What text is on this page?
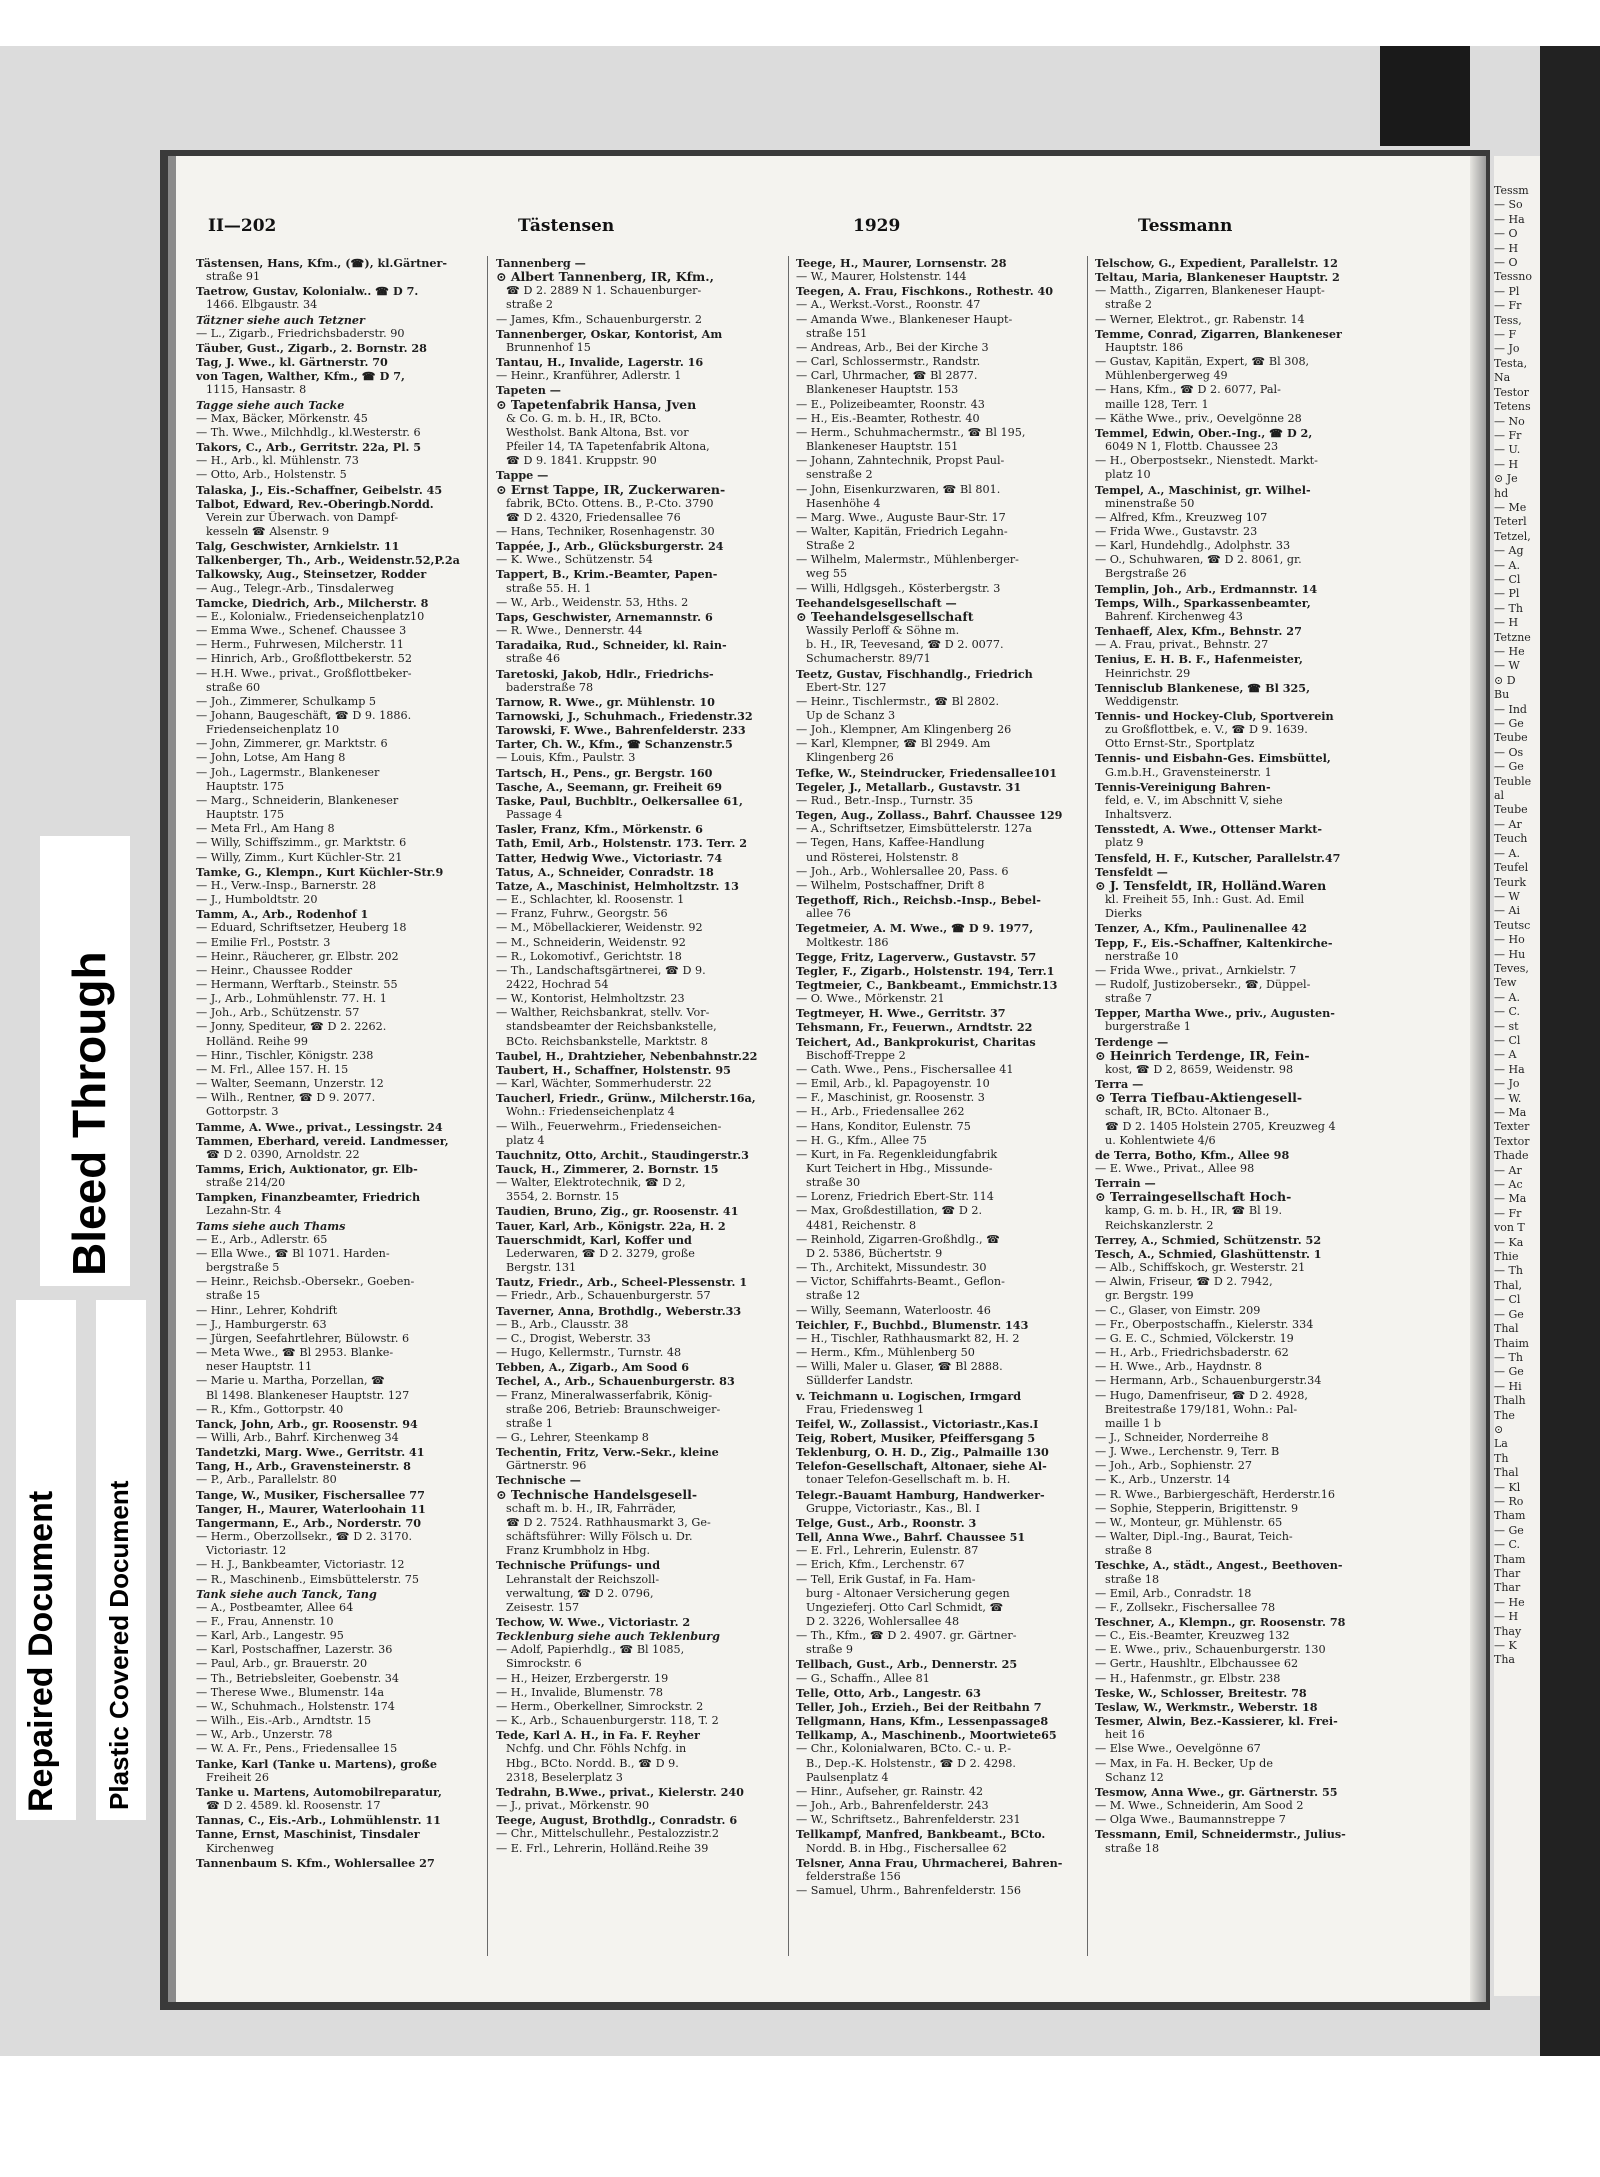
II—202	Tästensen	1929	Tessmann
Tästensen, Hans, Kfm., (☎), kl.Gärtner-
straße 91
Taetrow, Gustav, Kolonialw.. ☎ D 7.
1466. Elbgaustr. 34
Tätzner siehe auch Tetzner
— L., Zigarb., Friedrichsbaderstr. 90
Täuber, Gust., Zigarb., 2. Bornstr. 28
Tag, J. Wwe., kl. Gärtnerstr. 70
von Tagen, Walther, Kfm., ☎ D 7,
1115, Hansastr. 8
Tagge siehe auch Tacke
— Max, Bäcker, Mörkenstr. 45
— Th. Wwe., Milchhdlg., kl.Westerstr. 6
Takors, C., Arb., Gerritstr. 22a, Pl. 5
— H., Arb., kl. Mühlenstr. 73
— Otto, Arb., Holstenstr. 5
Talaska, J., Eis.-Schaffner, Geibelstr. 45
Talbot, Edward, Rev.-Oberingb.Nordd.
Verein zur Überwach. von Dampf-
kesseln ☎ Alsenstr. 9
Talg, Geschwister, Arnkielstr. 11
Talkenberger, Th., Arb., Weidenstr.52,P.2a
Talkowsky, Aug., Steinsetzer, Rodder
— Aug., Telegr.-Arb., Tinsdalerweg
Tamcke, Diedrich, Arb., Milcherstr. 8
— E., Kolonialw., Friedenseichenplatz10
— Emma Wwe., Schenef. Chaussee 3
— Herm., Fuhrwesen, Milcherstr. 11
— Hinrich, Arb., Großflottbekerstr. 52
— H.H. Wwe., privat., Großflottbeker-
straße 60
— Joh., Zimmerer, Schulkamp 5
— Johann, Baugeschäft, ☎ D 9. 1886.
Friedenseichenplatz 10
— John, Zimmerer, gr. Marktstr. 6
— John, Lotse, Am Hang 8
— Joh., Lagermstr., Blankeneser
Hauptstr. 175
— Marg., Schneiderin, Blankeneser
Hauptstr. 175
— Meta Frl., Am Hang 8
— Willy, Schiffszimm., gr. Marktstr. 6
— Willy, Zimm., Kurt Küchler-Str. 21
Tamke, G., Klempn., Kurt Küchler-Str.9
— H., Verw.-Insp., Barnerstr. 28
— J., Humboldtstr. 20
Tamm, A., Arb., Rodenhof 1
— Eduard, Schriftsetzer, Heuberg 18
— Emilie Frl., Poststr. 3
— Heinr., Räucherer, gr. Elbstr. 202
— Heinr., Chaussee Rodder
— Hermann, Werftarb., Steinstr. 55
— J., Arb., Lohmühlenstr. 77. H. 1
— Joh., Arb., Schützenstr. 57
— Jonny, Spediteur, ☎ D 2. 2262.
Holländ. Reihe 99
— Hinr., Tischler, Königstr. 238
— M. Frl., Allee 157. H. 15
— Walter, Seemann, Unzerstr. 12
— Wilh., Rentner, ☎ D 9. 2077.
Gottorpstr. 3
Tamme, A. Wwe., privat., Lessingstr. 24
Tammen, Eberhard, vereid. Landmesser,
☎ D 2. 0390, Arnoldstr. 22
Tamms, Erich, Auktionator, gr. Elb-
straße 214/20
Tampken, Finanzbeamter, Friedrich
Lezahn-Str. 4
Tams siehe auch Thams
— E., Arb., Adlerstr. 65
— Ella Wwe., ☎ Bl 1071. Harden-
bergstraße 5
— Heinr., Reichsb.-Obersekr., Goeben-
straße 15
— Hinr., Lehrer, Kohdrift
— J., Hamburgerstr. 63
— Jürgen, Seefahrtlehrer, Bülowstr. 6
— Meta Wwe., ☎ Bl 2953. Blanke-
neser Hauptstr. 11
— Marie u. Martha, Porzellan, ☎
Bl 1498. Blankeneser Hauptstr. 127
— R., Kfm., Gottorpstr. 40
Tanck, John, Arb., gr. Roosenstr. 94
— Willi, Arb., Bahrf. Kirchenweg 34
Tandetzki, Marg. Wwe., Gerritstr. 41
Tang, H., Arb., Gravensteinerstr. 8
— P., Arb., Parallelstr. 80
Tange, W., Musiker, Fischersallee 77
Tanger, H., Maurer, Waterloohain 11
Tangermann, E., Arb., Norderstr. 70
— Herm., Oberzollsekr., ☎ D 2. 3170.
Victoriastr. 12
— H. J., Bankbeamter, Victoriastr. 12
— R., Maschinenb., Eimsbüttelerstr. 75
Tank siehe auch Tanck, Tang
— A., Postbeamter, Allee 64
— F., Frau, Annenstr. 10
— Karl, Arb., Langestr. 95
— Karl, Postschaffner, Lazerstr. 36
— Paul, Arb., gr. Brauerstr. 20
— Th., Betriebsleiter, Goebenstr. 34
— Therese Wwe., Blumenstr. 14a
— W., Schuhmach., Holstenstr. 174
— Wilh., Eis.-Arb., Arndtstr. 15
— W., Arb., Unzerstr. 78
— W. A. Fr., Pens., Friedensallee 15
Tanke, Karl (Tanke u. Martens), große
Freiheit 26
Tanke u. Martens, Automobilreparatur,
☎ D 2. 4589. kl. Roosenstr. 17
Tannas, C., Eis.-Arb., Lohmühlenstr. 11
Tanne, Ernst, Maschinist, Tinsdaler
Kirchenweg
Tannenbaum S. Kfm., Wohlersallee 27
Tannenberg —
⊙ Albert Tannenberg, IR, Kfm.,
☎ D 2. 2889 N 1. Schauenburger-
straße 2
— James, Kfm., Schauenburgerstr. 2
Tannenberger, Oskar, Kontorist, Am
Brunnenhof 15
Tantau, H., Invalide, Lagerstr. 16
— Heinr., Kranführer, Adlerstr. 1
Tapeten —
⊙ Tapetenfabrik Hansa, Jven
& Co. G. m. b. H., IR, BCto.
Westholst. Bank Altona, Bst. vor
Pfeiler 14, TA Tapetenfabrik Altona,
☎ D 9. 1841. Kruppstr. 90
Tappe —
⊙ Ernst Tappe, IR, Zuckerwaren-
fabrik, BCto. Ottens. B., P.-Cto. 3790
☎ D 2. 4320, Friedensallee 76
— Hans, Techniker, Rosenhagenstr. 30
Tappée, J., Arb., Glücksburgerstr. 24
— K. Wwe., Schützenstr. 54
Tappert, B., Krim.-Beamter, Papen-
straße 55. H. 1
— W., Arb., Weidenstr. 53, Hths. 2
Taps, Geschwister, Arnemannstr. 6
— R. Wwe., Dennerstr. 44
Taradaika, Rud., Schneider, kl. Rain-
straße 46
Taretoski, Jakob, Hdlr., Friedrichs-
baderstraße 78
Tarnow, R. Wwe., gr. Mühlenstr. 10
Tarnowski, J., Schuhmach., Friedenstr.32
Tarowski, F. Wwe., Bahrenfelderstr. 233
Tarter, Ch. W., Kfm., ☎ Schanzenstr.5
— Louis, Kfm., Paulstr. 3
Tartsch, H., Pens., gr. Bergstr. 160
Tasche, A., Seemann, gr. Freiheit 69
Taske, Paul, Buchbltr., Oelkersallee 61,
Passage 4
Tasler, Franz, Kfm., Mörkenstr. 6
Tath, Emil, Arb., Holstenstr. 173. Terr. 2
Tatter, Hedwig Wwe., Victoriastr. 74
Tatus, A., Schneider, Conradstr. 18
Tatze, A., Maschinist, Helmholtzstr. 13
— E., Schlachter, kl. Roosenstr. 1
— Franz, Fuhrw., Georgstr. 56
— M., Möbellackierer, Weidenstr. 92
— M., Schneiderin, Weidenstr. 92
— R., Lokomotivf., Gerichtstr. 18
— Th., Landschaftsgärtnerei, ☎ D 9.
2422, Hochrad 54
— W., Kontorist, Helmholtzstr. 23
— Walther, Reichsbankrat, stellv. Vor-
standsbeamter der Reichsbankstelle,
BCto. Reichsbankstelle, Marktstr. 8
Taubel, H., Drahtzieher, Nebenbahnstr.22
Taubert, H., Schaffner, Holstenstr. 95
— Karl, Wächter, Sommerhuderstr. 22
Taucherl, Friedr., Grünw., Milcherstr.16a,
Wohn.: Friedenseichenplatz 4
— Wilh., Feuerwehrm., Friedenseichen-
platz 4
Tauchnitz, Otto, Archit., Staudingerstr.3
Tauck, H., Zimmerer, 2. Bornstr. 15
— Walter, Elektrotechnik, ☎ D 2,
3554, 2. Bornstr. 15
Taudien, Bruno, Zig., gr. Roosenstr. 41
Tauer, Karl, Arb., Königstr. 22a, H. 2
Tauerschmidt, Karl, Koffer und
Lederwaren, ☎ D 2. 3279, große
Bergstr. 131
Tautz, Friedr., Arb., Scheel-Plessenstr. 1
— Friedr., Arb., Schauenburgerstr. 57
Taverner, Anna, Brothdlg., Weberstr.33
— B., Arb., Clausstr. 38
— C., Drogist, Weberstr. 33
— Hugo, Kellermstr., Turnstr. 48
Tebben, A., Zigarb., Am Sood 6
Techel, A., Arb., Schauenburgerstr. 83
— Franz, Mineralwasserfabrik, König-
straße 206, Betrieb: Braunschweiger-
straße 1
— G., Lehrer, Steenkamp 8
Techentin, Fritz, Verw.-Sekr., kleine
Gärtnerstr. 96
Technische —
⊙ Technische Handelsgesell-
schaft m. b. H., IR, Fahrräder,
☎ D 2. 7524. Rathhausmarkt 3, Ge-
schäftsführer: Willy Fölsch u. Dr.
Franz Krumbholz in Hbg.
Technische Prüfungs- und
Lehranstalt der Reichszoll-
verwaltung, ☎ D 2. 0796,
Zeisestr. 157
Techow, W. Wwe., Victoriastr. 2
Tecklenburg siehe auch Teklenburg
— Adolf, Papierhdlg., ☎ Bl 1085,
Simrockstr. 6
— H., Heizer, Erzbergerstr. 19
— H., Invalide, Blumenstr. 78
— Herm., Oberkellner, Simrockstr. 2
— K., Arb., Schauenburgerstr. 118, T. 2
Tede, Karl A. H., in Fa. F. Reyher
Nchfg. und Chr. Föhls Nchfg. in
Hbg., BCto. Nordd. B., ☎ D 9.
2318, Beselerplatz 3
Tedrahn, B.Wwe., privat., Kielerstr. 240
— J., privat., Mörkenstr. 90
Teege, August, Brothdlg., Conradstr. 6
— Chr., Mittelschullehr., Pestalozzistr.2
— E. Frl., Lehrerin, Holländ.Reihe 39
Teege, H., Maurer, Lornsenstr. 28
— W., Maurer, Holstenstr. 144
Teegen, A. Frau, Fischkons., Rothestr. 40
— A., Werkst.-Vorst., Roonstr. 47
— Amanda Wwe., Blankeneser Haupt-
straße 151
— Andreas, Arb., Bei der Kirche 3
— Carl, Schlossermstr., Randstr.
— Carl, Uhrmacher, ☎ Bl 2877.
Blankeneser Hauptstr. 153
— E., Polizeibeamter, Roonstr. 43
— H., Eis.-Beamter, Rothestr. 40
— Herm., Schuhmachermstr., ☎ Bl 195,
Blankeneser Hauptstr. 151
— Johann, Zahntechnik, Propst Paul-
senstraße 2
— John, Eisenkurzwaren, ☎ Bl 801.
Hasenhöhe 4
— Marg. Wwe., Auguste Baur-Str. 17
— Walter, Kapitän, Friedrich Legahn-
Straße 2
— Wilhelm, Malermstr., Mühlenberger-
weg 55
— Willi, Hdlgsgeh., Kösterbergstr. 3
Teehandelsgesellschaft —
⊙ Teehandelsgesellschaft
Wassily Perloff & Söhne m.
b. H., IR, Teevesand, ☎ D 2. 0077.
Schumacherstr. 89/71
Teetz, Gustav, Fischhandlg., Friedrich
Ebert-Str. 127
— Heinr., Tischlermstr., ☎ Bl 2802.
Up de Schanz 3
— Joh., Klempner, Am Klingenberg 26
— Karl, Klempner, ☎ Bl 2949. Am
Klingenberg 26
Tefke, W., Steindrucker, Friedensallee101
Tegeler, J., Metallarb., Gustavstr. 31
— Rud., Betr.-Insp., Turnstr. 35
Tegen, Aug., Zollass., Bahrf. Chaussee 129
— A., Schriftsetzer, Eimsbüttelerstr. 127a
— Tegen, Hans, Kaffee-Handlung
und Rösterei, Holstenstr. 8
— Joh., Arb., Wohlersallee 20, Pass. 6
— Wilhelm, Postschaffner, Drift 8
Tegethoff, Rich., Reichsb.-Insp., Bebel-
allee 76
Tegetmeier, A. M. Wwe., ☎ D 9. 1977,
Moltkestr. 186
Tegge, Fritz, Lagerverw., Gustavstr. 57
Tegler, F., Zigarb., Holstenstr. 194, Terr.1
Tegtmeier, C., Bankbeamt., Emmichstr.13
— O. Wwe., Mörkenstr. 21
Tegtmeyer, H. Wwe., Gerritstr. 37
Tehsmann, Fr., Feuerwn., Arndtstr. 22
Teichert, Ad., Bankprokurist, Charitas
Bischoff-Treppe 2
— Cath. Wwe., Pens., Fischersallee 41
— Emil, Arb., kl. Papagoyenstr. 10
— F., Maschinist, gr. Roosenstr. 3
— H., Arb., Friedensallee 262
— Hans, Konditor, Eulenstr. 75
— H. G., Kfm., Allee 75
— Kurt, in Fa. Regenkleidungfabrik
Kurt Teichert in Hbg., Missunde-
straße 30
— Lorenz, Friedrich Ebert-Str. 114
— Max, Großdestillation, ☎ D 2.
4481, Reichenstr. 8
— Reinhold, Zigarren-Großhdlg., ☎
D 2. 5386, Büchertstr. 9
— Th., Architekt, Missundestr. 30
— Victor, Schiffahrts-Beamt., Geflon-
straße 12
— Willy, Seemann, Waterloostr. 46
Teichler, F., Buchbd., Blumenstr. 143
— H., Tischler, Rathhausmarkt 82, H. 2
— Herm., Kfm., Mühlenberg 50
— Willi, Maler u. Glaser, ☎ Bl 2888.
Süllderfer Landstr.
v. Teichmann u. Logischen, Irmgard
Frau, Friedensweg 1
Teifel, W., Zollassist., Victoriastr.,Kas.I
Teig, Robert, Musiker, Pfeiffersgang 5
Teklenburg, O. H. D., Zig., Palmaille 130
Telefon-Gesellschaft, Altonaer, siehe Al-
tonaer Telefon-Gesellschaft m. b. H.
Telegr.-Bauamt Hamburg, Handwerker-
Gruppe, Victoriastr., Kas., Bl. I
Telge, Gust., Arb., Roonstr. 3
Tell, Anna Wwe., Bahrf. Chaussee 51
— E. Frl., Lehrerin, Eulenstr. 87
— Erich, Kfm., Lerchenstr. 67
— Tell, Erik Gustaf, in Fa. Ham-
burg - Altonaer Versicherung gegen
Ungezieferj. Otto Carl Schmidt, ☎
D 2. 3226, Wohlersallee 48
— Th., Kfm., ☎ D 2. 4907. gr. Gärtner-
straße 9
Tellbach, Gust., Arb., Dennerstr. 25
— G., Schaffn., Allee 81
Telle, Otto, Arb., Langestr. 63
Teller, Joh., Erzieh., Bei der Reitbahn 7
Tellgmann, Hans, Kfm., Lessenpassage8
Tellkamp, A., Maschinenb., Moortwiete65
— Chr., Kolonialwaren, BCto. C.- u. P.-
B., Dep.-K. Holstenstr., ☎ D 2. 4298.
Paulsenplatz 4
— Hinr., Aufseher, gr. Rainstr. 42
— Joh., Arb., Bahrenfelderstr. 243
— W., Schriftsetz., Bahrenfelderstr. 231
Tellkampf, Manfred, Bankbeamt., BCto.
Nordd. B. in Hbg., Fischersallee 62
Telsner, Anna Frau, Uhrmacherei, Bahren-
felderstraße 156
— Samuel, Uhrm., Bahrenfelderstr. 156
Telschow, G., Expedient, Parallelstr. 12
Teltau, Maria, Blankeneser Hauptstr. 2
— Matth., Zigarren, Blankeneser Haupt-
straße 2
— Werner, Elektrot., gr. Rabenstr. 14
Temme, Conrad, Zigarren, Blankeneser
Hauptstr. 186
— Gustav, Kapitän, Expert, ☎ Bl 308,
Mühlenbergerweg 49
— Hans, Kfm., ☎ D 2. 6077, Pal-
maille 128, Terr. 1
— Käthe Wwe., priv., Oevelgönne 28
Temmel, Edwin, Ober.-Ing., ☎ D 2,
6049 N 1, Flottb. Chaussee 23
— H., Oberpostsekr., Nienstedt. Markt-
platz 10
Tempel, A., Maschinist, gr. Wilhel-
minenstraße 50
— Alfred, Kfm., Kreuzweg 107
— Frida Wwe., Gustavstr. 23
— Karl, Hundehdlg., Adolphstr. 33
— O., Schuhwaren, ☎ D 2. 8061, gr.
Bergstraße 26
Templin, Joh., Arb., Erdmannstr. 14
Temps, Wilh., Sparkassenbeamter,
Bahrenf. Kirchenweg 43
Tenhaeff, Alex, Kfm., Behnstr. 27
— A. Frau, privat., Behnstr. 27
Tenius, E. H. B. F., Hafenmeister,
Heinrichstr. 29
Tennisclub Blankenese, ☎ Bl 325,
Weddigenstr.
Tennis- und Hockey-Club, Sportverein
zu Großflottbek, e. V., ☎ D 9. 1639.
Otto Ernst-Str., Sportplatz
Tennis- und Eisbahn-Ges. Eimsbüttel,
G.m.b.H., Gravensteinerstr. 1
Tennis-Vereinigung Bahren-
feld, e. V., im Abschnitt V, siehe
Inhaltsverz.
Tensstedt, A. Wwe., Ottenser Markt-
platz 9
Tensfeld, H. F., Kutscher, Parallelstr.47
Tensfeldt —
⊙ J. Tensfeldt, IR, Holländ.Waren
kl. Freiheit 55, Inh.: Gust. Ad. Emil
Dierks
Tenzer, A., Kfm., Paulinenallee 42
Tepp, F., Eis.-Schaffner, Kaltenkirche-
nerstraße 10
— Frida Wwe., privat., Arnkielstr. 7
— Rudolf, Justizobersekr., ☎, Düppel-
straße 7
Tepper, Martha Wwe., priv., Augusten-
burgerstraße 1
Terdenge —
⊙ Heinrich Terdenge, IR, Fein-
kost, ☎ D 2, 8659, Weidenstr. 98
Terra —
⊙ Terra Tiefbau-Aktiengesell-
schaft, IR, BCto. Altonaer B.,
☎ D 2. 1405 Holstein 2705, Kreuzweg 4
u. Kohlentwiete 4/6
de Terra, Botho, Kfm., Allee 98
— E. Wwe., Privat., Allee 98
Terrain —
⊙ Terraingesellschaft Hoch-
kamp, G. m. b. H., IR, ☎ Bl 19.
Reichskanzlerstr. 2
Terrey, A., Schmied, Schützenstr. 52
Tesch, A., Schmied, Glashüttenstr. 1
— Alb., Schiffskoch, gr. Westerstr. 21
— Alwin, Friseur, ☎ D 2. 7942,
gr. Bergstr. 199
— C., Glaser, von Eimstr. 209
— Fr., Oberpostschaffn., Kielerstr. 334
— G. E. C., Schmied, Völckerstr. 19
— H., Arb., Friedrichsbaderstr. 62
— H. Wwe., Arb., Haydnstr. 8
— Hermann, Arb., Schauenburgerstr.34
— Hugo, Damenfriseur, ☎ D 2. 4928,
Breitestraße 179/181, Wohn.: Pal-
maille 1 b
— J., Schneider, Norderreihe 8
— J. Wwe., Lerchenstr. 9, Terr. B
— Joh., Arb., Sophienstr. 27
— K., Arb., Unzerstr. 14
— R. Wwe., Barbiergeschäft, Herderstr.16
— Sophie, Stepperin, Brigittenstr. 9
— W., Monteur, gr. Mühlenstr. 65
— Walter, Dipl.-Ing., Baurat, Teich-
straße 8
Teschke, A., städt., Angest., Beethoven-
straße 18
— Emil, Arb., Conradstr. 18
— F., Zollsekr., Fischersallee 78
Teschner, A., Klempn., gr. Roosenstr. 78
— C., Eis.-Beamter, Kreuzweg 132
— E. Wwe., priv., Schauenburgerstr. 130
— Gertr., Haushltr., Elbchaussee 62
— H., Hafenmstr., gr. Elbstr. 238
Teske, W., Schlosser, Breitestr. 78
Teslaw, W., Werkmstr., Weberstr. 18
Tesmer, Alwin, Bez.-Kassierer, kl. Frei-
heit 16
— Else Wwe., Oevelgönne 67
— Max, in Fa. H. Becker, Up de
Schanz 12
Tesmow, Anna Wwe., gr. Gärtnerstr. 55
— M. Wwe., Schneiderin, Am Sood 2
— Olga Wwe., Baumannstreppe 7
Tessmann, Emil, Schneidermstr., Julius-
straße 18
Tessm
— So
— Ha
— O
— H
— O
Tessno
— Pl
— Fr
Tess,
— F
— Jo
Testa,
Na
Testor
Tetens
— No
— Fr
— U.
— H
⊙ Je
hd
— Me
Teterl
Tetzel,
— Ag
— A.
— Cl
— Pl
— Th
— H
Tetzne
— He
— W
⊙ D
Bu
— Ind
— Ge
Teube
— Os
— Ge
Teuble
al
Teube
— Ar
Teuch
— A.
Teufel
Teurk
— W
— Ai
Teutsc
— Ho
— Hu
Teves,
Tew
— A.
— C.
— st
— Cl
— A
— Ha
— Jo
— W.
— Ma
Texter
Textor
Thade
— Ar
— Ac
— Ma
— Fr
von T
— Ka
Thie
— Th
Thal,
— Cl
— Ge
Thal
Thaim
— Th
— Ge
— Hi
Thalh
The
⊙
La
Th
Thal
— Kl
— Ro
Tham
— Ge
— C.
Tham
Thar
Thar
— He
— H
Thay
— K
Tha
Bleed Through
Repaired Document Plastic Covered Document
